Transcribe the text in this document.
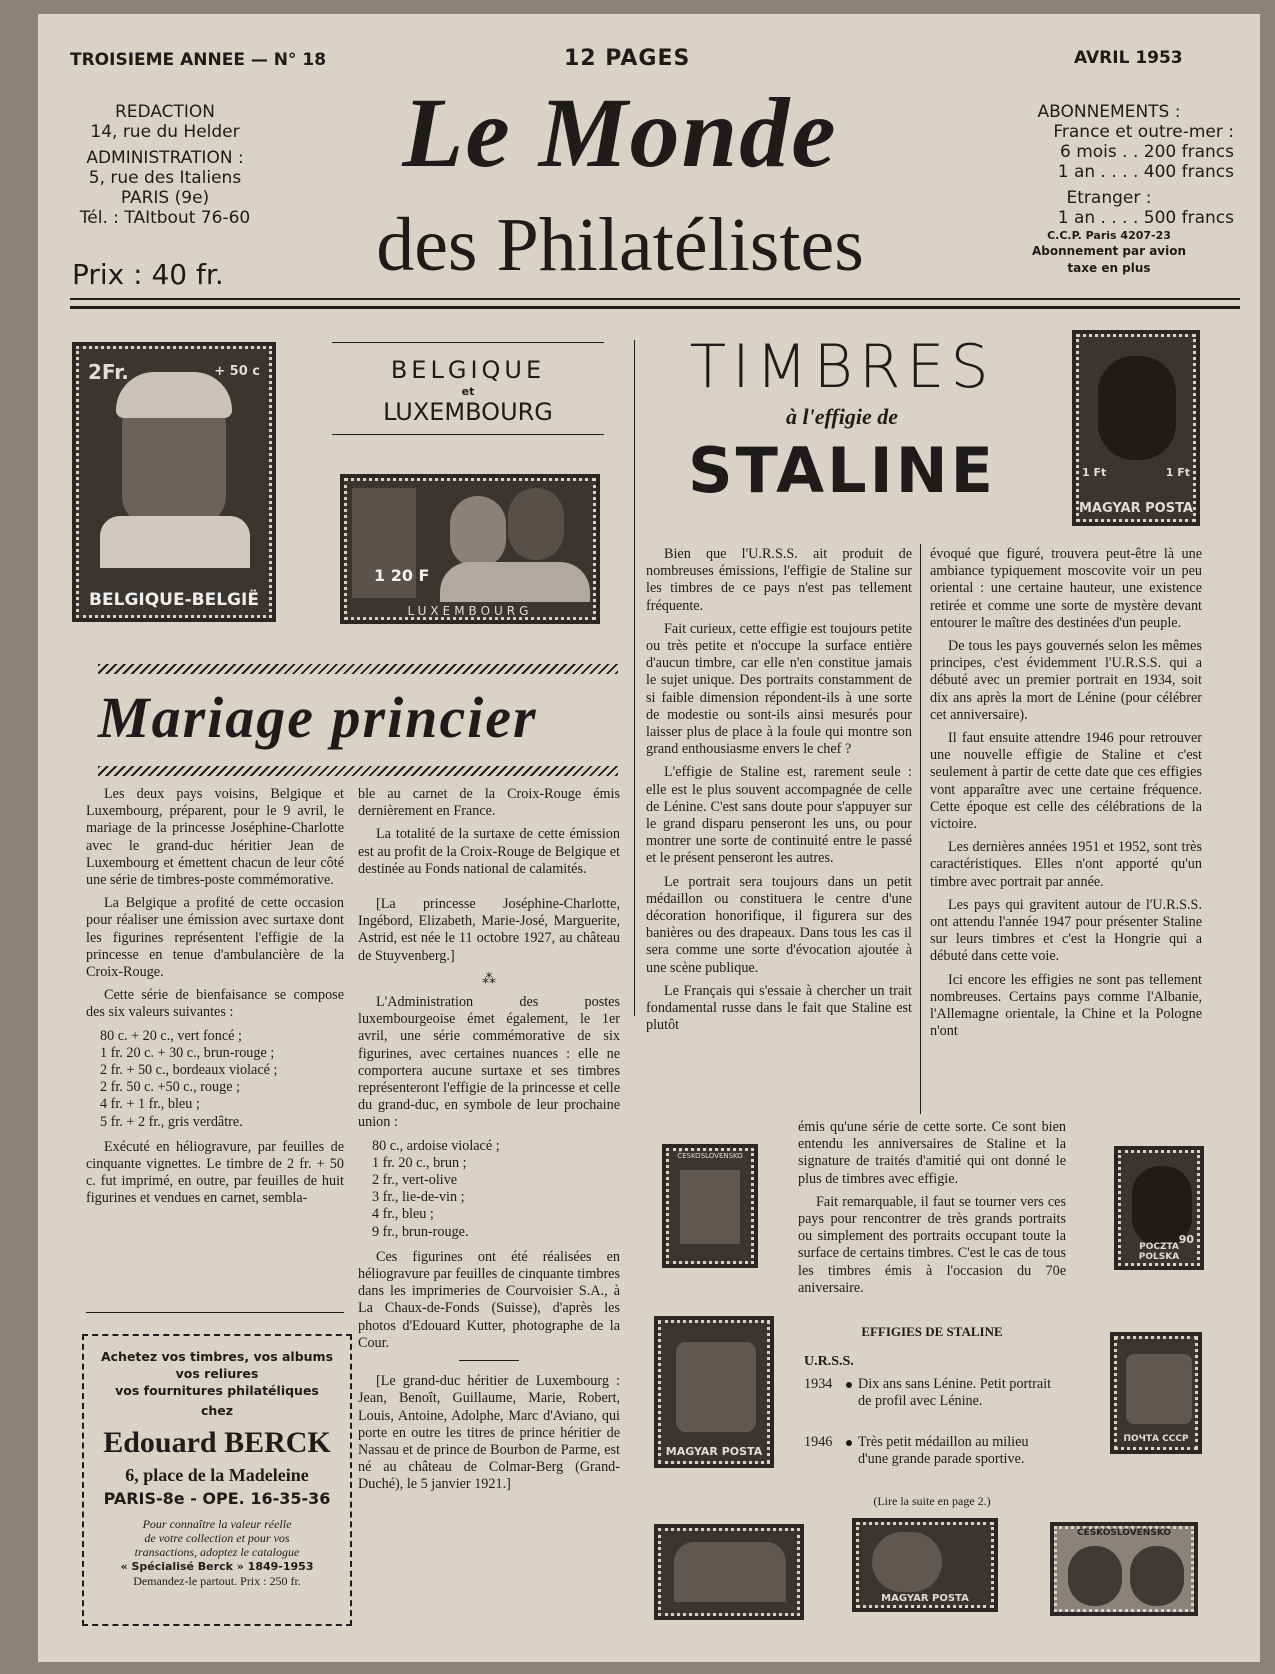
TROISIEME ANNEE — N° 18	12 PAGES	AVRIL 1953
REDACTION
14, rue du Helder
ADMINISTRATION :
5, rue des Italiens
PARIS (9e)
Tél. : TAItbout 76-60
Prix : 40 fr.
Le Monde
des Philatélistes
ABONNEMENTS :
France et outre-mer :
6 mois . . 200 francs
1 an . . . . 400 francs
Etranger :
1 an . . . . 500 francs
C.C.P. Paris 4207-23
Abonnement par avion
taxe en plus
2Fr.	+ 50 c
BELGIQUE-BELGIË
BELGIQUE
et
LUXEMBOURG
1 20 F
LUXEMBOURG
Mariage princier

Les deux pays voisins, Belgique et Luxembourg, préparent, pour le 9 avril, le mariage de la princesse Joséphine-Charlotte avec le grand-duc héritier Jean de Luxembourg et émettent chacun de leur côté une série de timbres-poste commémorative.

La Belgique a profité de cette occasion pour réaliser une émission avec surtaxe dont les figurines représentent l'effigie de la princesse en tenue d'ambulancière de la Croix-Rouge.

Cette série de bienfaisance se compose des six valeurs suivantes :

80 c. + 20 c., vert foncé ;

1 fr. 20 c. + 30 c., brun-rouge ;

2 fr. + 50 c., bordeaux violacé ;

2 fr. 50 c. +50 c., rouge ;

4 fr. + 1 fr., bleu ;

5 fr. + 2 fr., gris verdâtre.

Exécuté en héliogravure, par feuilles de cinquante vignettes. Le timbre de 2 fr. + 50 c. fut imprimé, en outre, par feuilles de huit figurines et vendues en carnet, sembla-

Achetez vos timbres, vos albums
vos reliures
vos fournitures philatéliques
chez
Edouard BERCK
6, place de la Madeleine
PARIS-8e - OPE. 16-35-36
Pour connaître la valeur réelle
de votre collection et pour vos
transactions, adoptez le catalogue
« Spécialisé Berck » 1849-1953
Demandez-le partout. Prix : 250 fr.

ble au carnet de la Croix-Rouge émis dernièrement en France.

La totalité de la surtaxe de cette émission est au profit de la Croix-Rouge de Belgique et destinée au Fonds national de calamités.

[La princesse Joséphine-Charlotte, Ingébord, Elizabeth, Marie-José, Marguerite, Astrid, est née le 11 octobre 1927, au château de Stuyvenberg.]

⁂

L'Administration des postes luxembourgeoise émet également, le 1er avril, une série commémorative de six figurines, avec certaines nuances : elle ne comportera aucune surtaxe et ses timbres représenteront l'effigie de la princesse et celle du grand-duc, en symbole de leur prochaine union :

80 c., ardoise violacé ;

1 fr. 20 c., brun ;

2 fr., vert-olive

3 fr., lie-de-vin ;

4 fr., bleu ;

9 fr., brun-rouge.

Ces figurines ont été réalisées en héliogravure par feuilles de cinquante timbres dans les imprimeries de Courvoisier S.A., à La Chaux-de-Fonds (Suisse), d'après les photos d'Edouard Kutter, photographe de la Cour.

[Le grand-duc héritier de Luxembourg : Jean, Benoît, Guillaume, Marie, Robert, Louis, Antoine, Adolphe, Marc d'Aviano, qui porte en outre les titres de prince héritier de Nassau et de prince de Bourbon de Parme, est né au château de Colmar-Berg (Grand-Duché), le 5 janvier 1921.]

TIMBRES
à l'effigie de
STALINE	1 Ft	1 Ft
MAGYAR POSTA

Bien que l'U.R.S.S. ait produit de nombreuses émissions, l'effigie de Staline sur les timbres de ce pays n'est pas tellement fréquente.

Fait curieux, cette effigie est toujours petite ou très petite et n'occupe la surface entière d'aucun timbre, car elle n'en constitue jamais le sujet unique. Des portraits constamment de si faible dimension répondent-ils à une sorte de modestie ou sont-ils ainsi mesurés pour laisser plus de place à la foule qui montre son grand enthousiasme envers le chef ?

L'effigie de Staline est, rarement seule : elle est le plus souvent accompagnée de celle de Lénine. C'est sans doute pour s'appuyer sur le grand disparu penseront les uns, ou pour montrer une sorte de continuité entre le passé et le présent penseront les autres.

Le portrait sera toujours dans un petit médaillon ou constituera le centre d'une décoration honorifique, il figurera sur des banières ou des drapeaux. Dans tous les cas il sera comme une sorte d'évocation ajoutée à une scène publique.

Le Français qui s'essaie à chercher un trait fondamental russe dans le fait que Staline est plutôt

évoqué que figuré, trouvera peut-être là une ambiance typiquement moscovite voir un peu oriental : une certaine hauteur, une existence retirée et comme une sorte de mystère devant entourer le maître des destinées d'un peuple.

De tous les pays gouvernés selon les mêmes principes, c'est évidemment l'U.R.S.S. qui a débuté avec un premier portrait en 1934, soit dix ans après la mort de Lénine (pour célébrer cet anniversaire).

Il faut ensuite attendre 1946 pour retrouver une nouvelle effigie de Staline et c'est seulement à partir de cette date que ces effigies vont apparaître avec une certaine fréquence. Cette époque est celle des célébrations de la victoire.

Les dernières années 1951 et 1952, sont très caractéristiques. Elles n'ont apporté qu'un timbre avec portrait par année.

Les pays qui gravitent autour de l'U.R.S.S. ont attendu l'année 1947 pour présenter Staline sur leurs timbres et c'est la Hongrie qui a débuté dans cette voie.

Ici encore les effigies ne sont pas tellement nombreuses. Certains pays comme l'Albanie, l'Allemagne orientale, la Chine et la Pologne n'ont

ČESKOSLOVENSKO
MAGYAR POSTA

émis qu'une série de cette sorte. Ce sont bien entendu les anniversaires de Staline et la signature de traités d'amitié qui ont donné le plus de timbres avec effigie.

Fait remarquable, il faut se tourner vers ces pays pour rencontrer de très grands portraits ou simplement des portraits occupant toute la surface de certains timbres. C'est le cas de tous les timbres émis à l'occasion du 70e aniversaire.

EFFIGIES DE STALINE
U.R.S.S.
1934	Dix ans sans Lénine. Petit portrait de profil avec Lénine.
1946	Très petit médaillon au milieu d'une grande parade sportive.
(Lire la suite en page 2.)
90
POCZTA POLSKA
ПОЧТА СССР
MAGYAR POSTA
ČESKOSLOVENSKO
